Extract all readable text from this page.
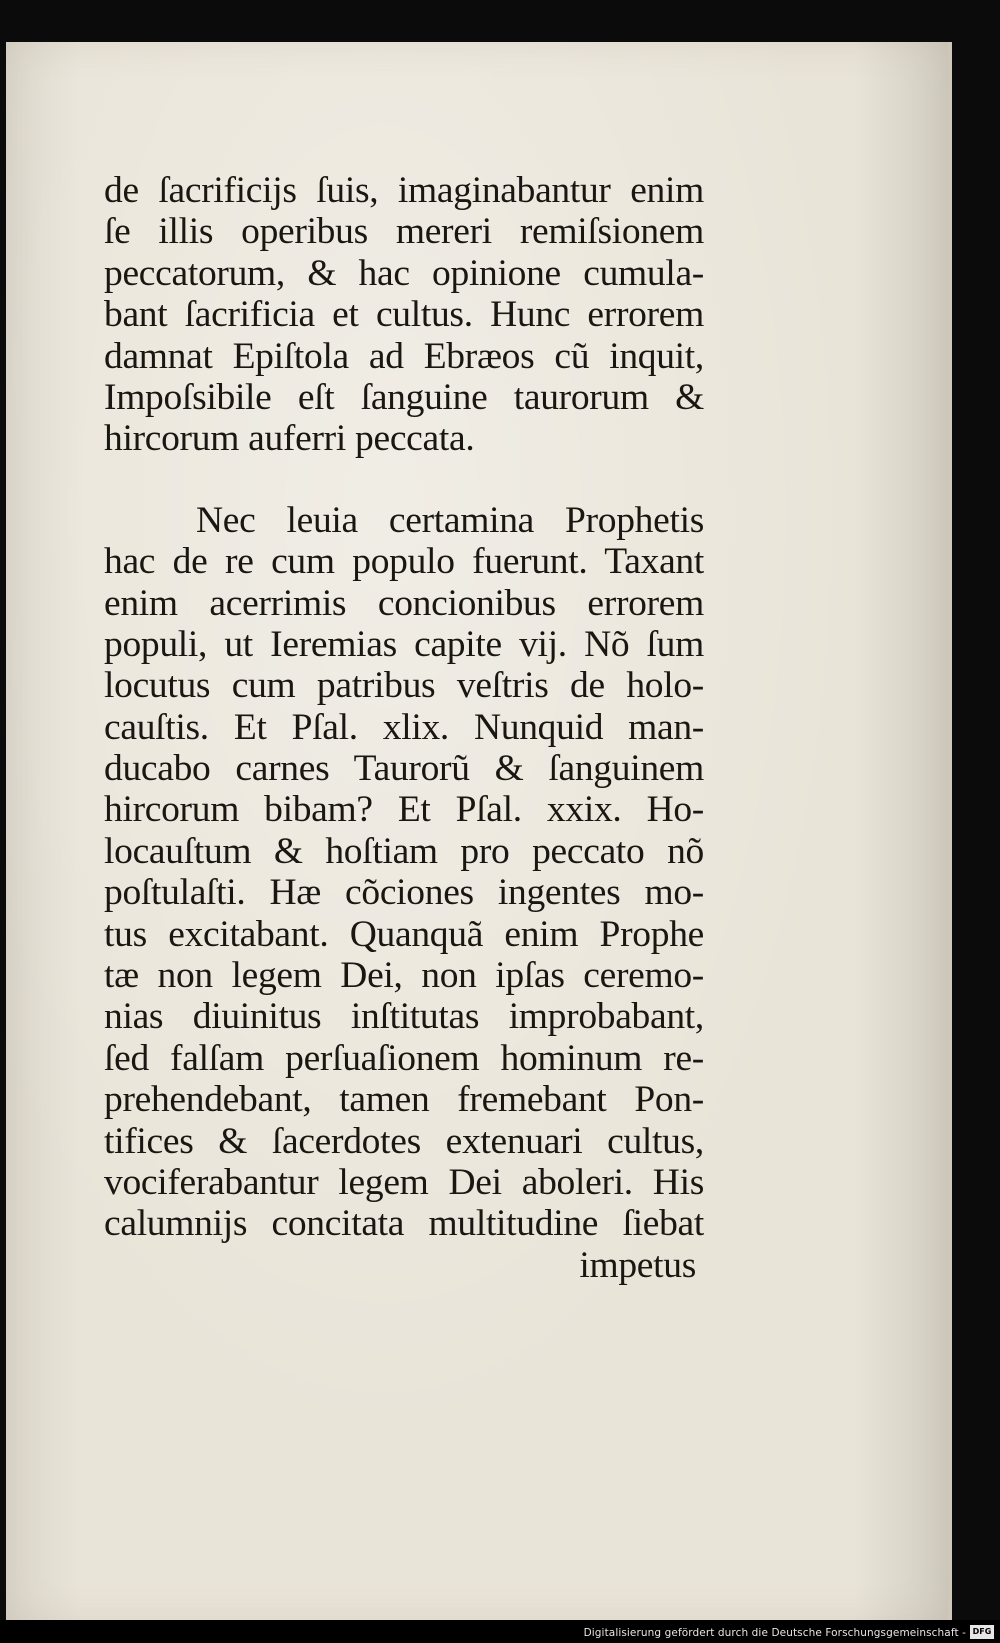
de ſacrificijs ſuis, imaginabantur enim
ſe illis operibus mereri remiſsionem
peccatorum, & hac opinione cumula-
bant ſacrificia et cultus. Hunc errorem
damnat Epiſtola ad Ebræos cũ inquit,
Impoſsibile eſt ſanguine taurorum &
hircorum auferri peccata.
Nec leuia certamina Prophetis
hac de re cum populo fuerunt. Taxant
enim acerrimis concionibus errorem
populi, ut Ieremias capite vij. Nõ ſum
locutus cum patribus veſtris de holo-
cauſtis. Et Pſal. xlix. Nunquid man-
ducabo carnes Taurorũ & ſanguinem
hircorum bibam? Et Pſal. xxix. Ho-
locauſtum & hoſtiam pro peccato nõ
poſtulaſti. Hæ cõciones ingentes mo-
tus excitabant. Quanquã enim Prophe
tæ non legem Dei, non ipſas ceremo-
nias diuinitus inſtitutas improbabant,
ſed falſam perſuaſionem hominum re-
prehendebant, tamen fremebant Pon-
tifices & ſacerdotes extenuari cultus,
vociferabantur legem Dei aboleri. His
calumnijs concitata multitudine ſiebat
impetus
Digitalisierung gefördert durch die Deutsche Forschungsgemeinschaft - DFG
